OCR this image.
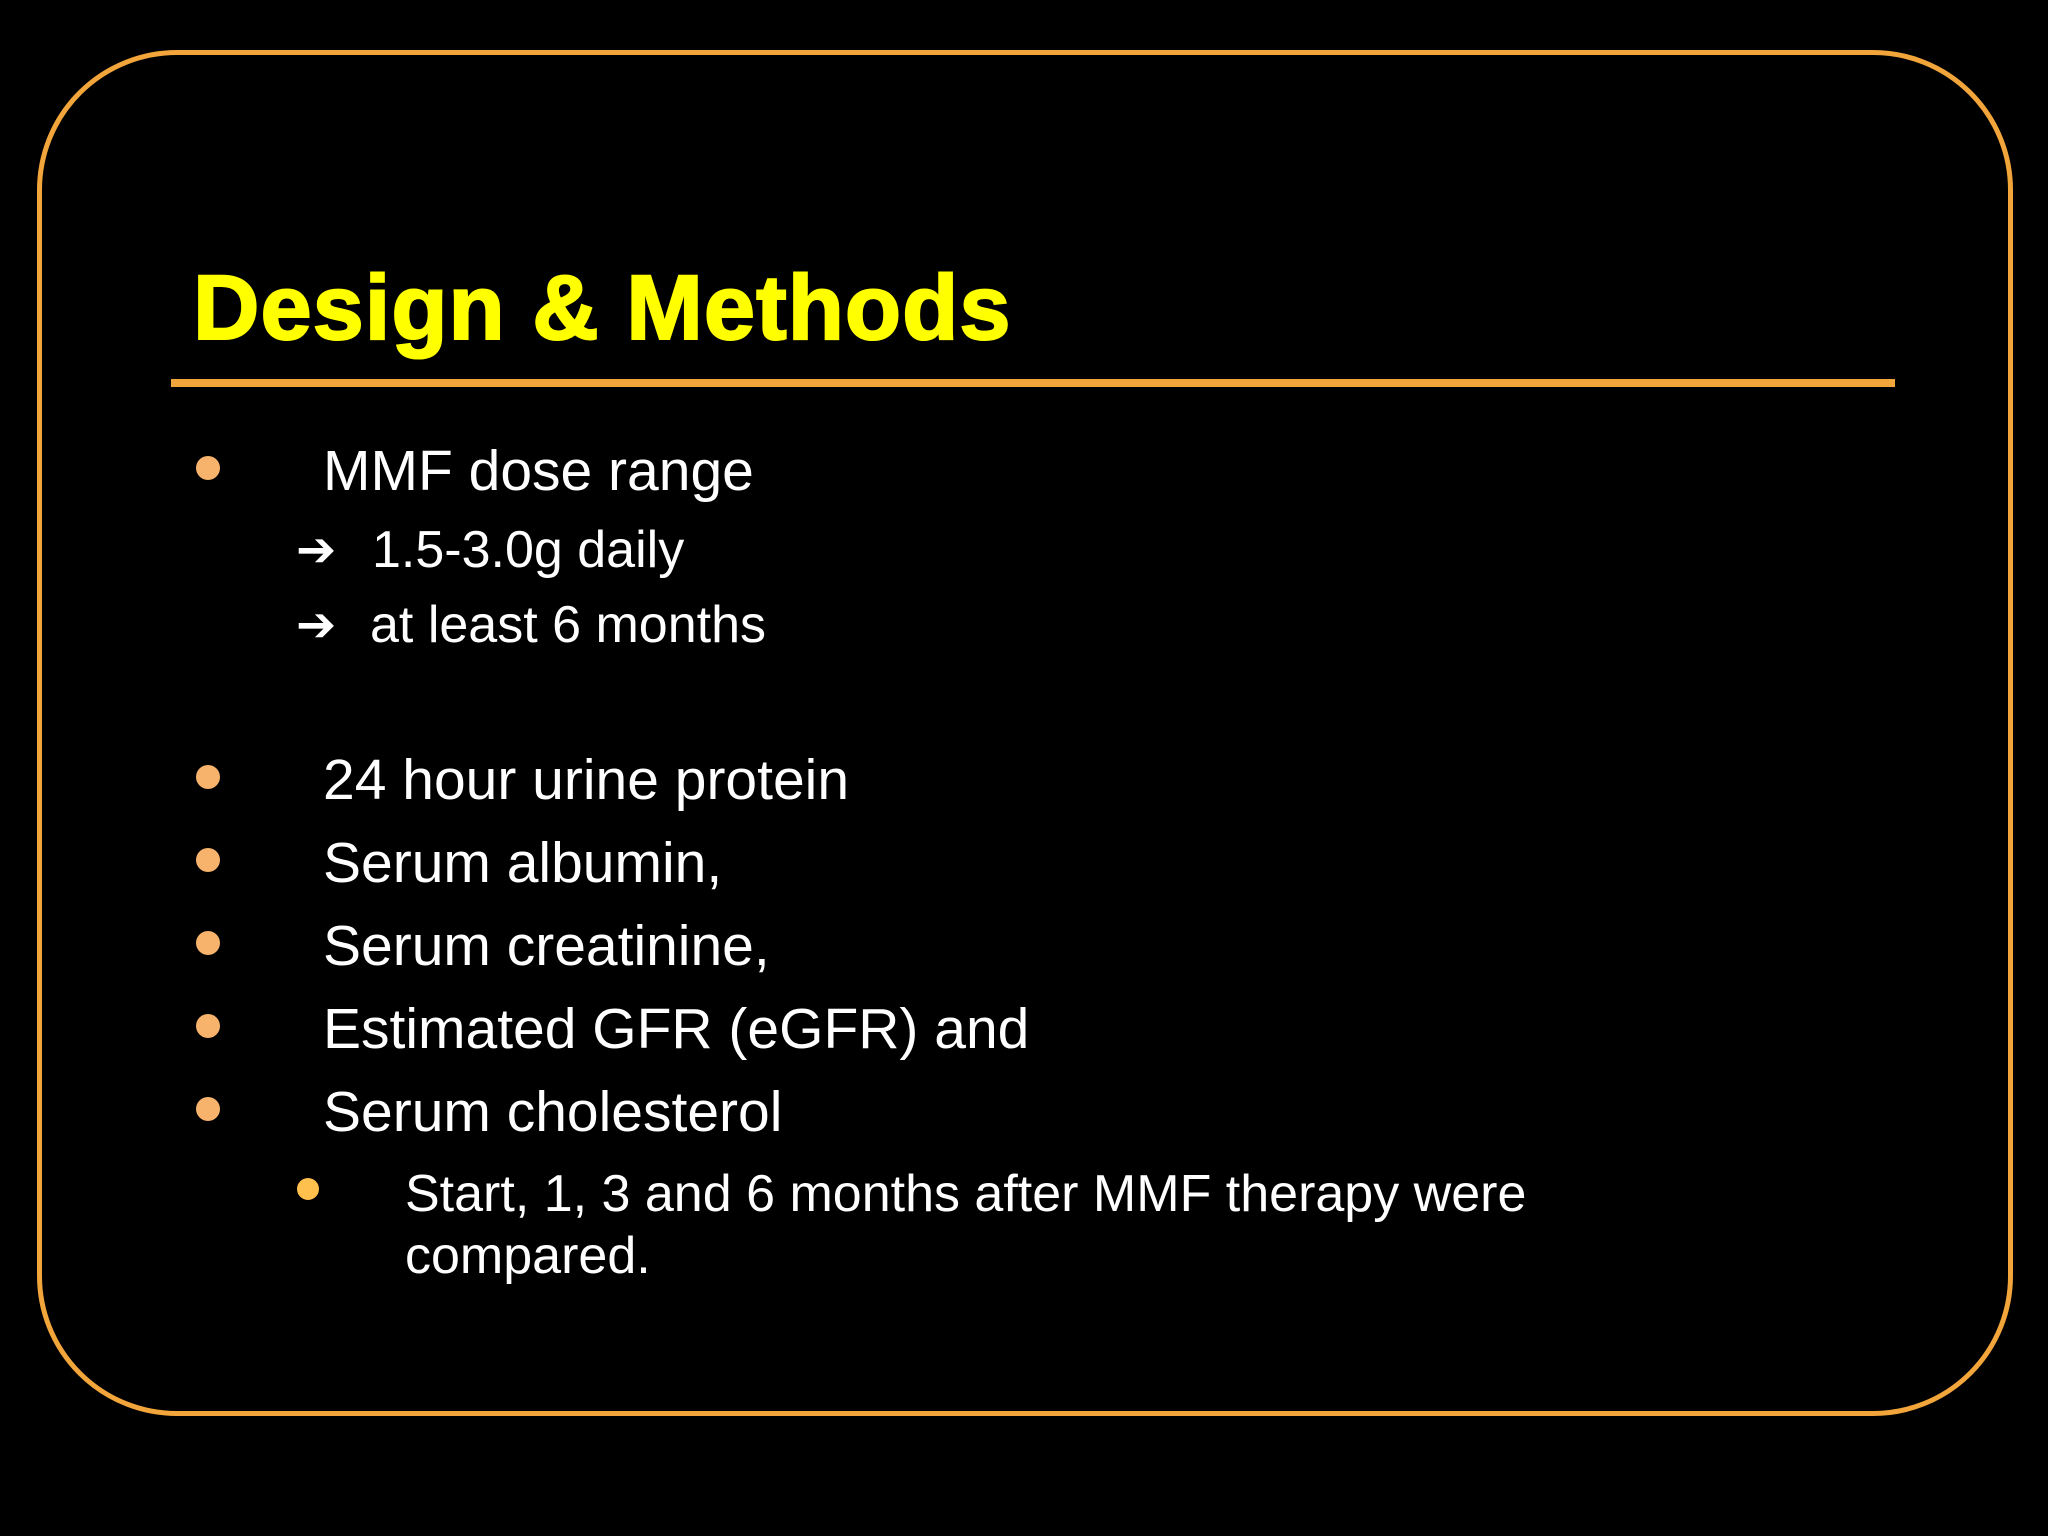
Design & Methods
MMF dose range
➔ 1.5-3.0g daily
➔ at least 6 months
24 hour urine protein
Serum albumin,
Serum creatinine,
Estimated GFR (eGFR) and
Serum cholesterol
Start, 1, 3 and 6 months after MMF therapy were compared.
